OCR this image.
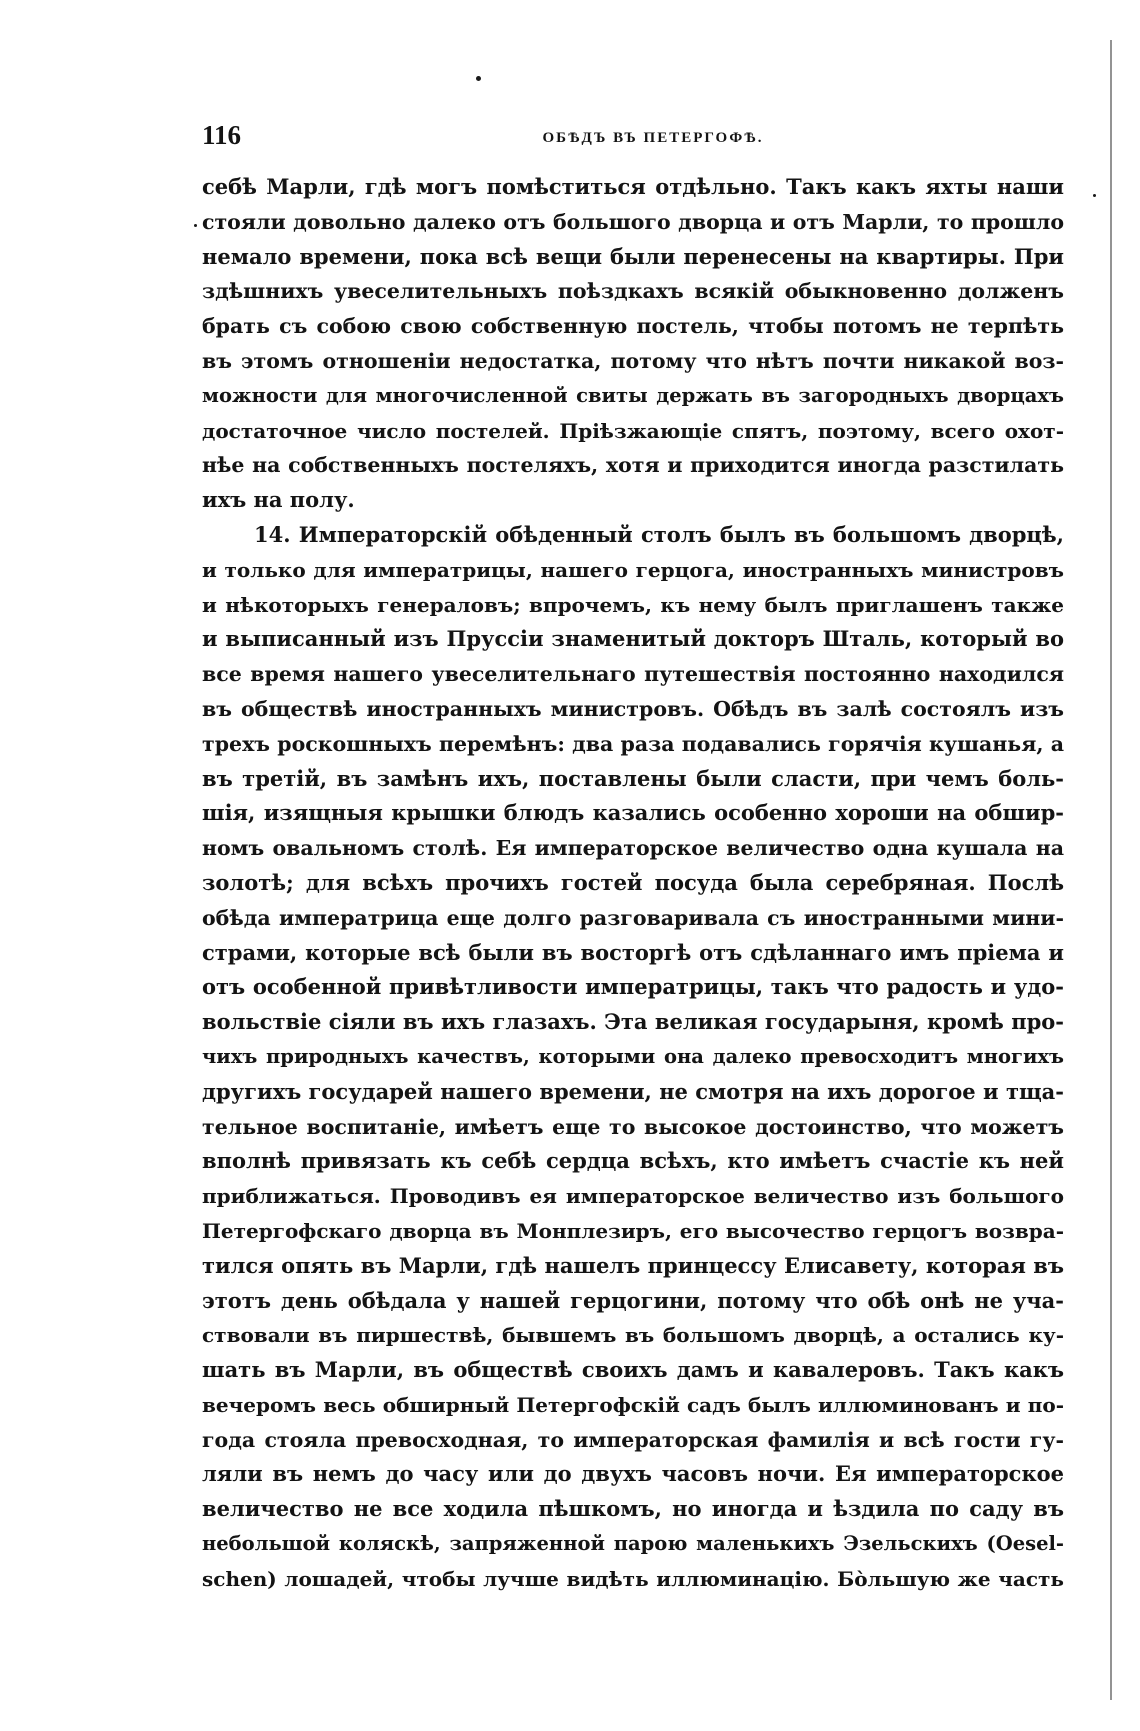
116	ОБѢДЪ ВЪ ПЕТЕРГОФѢ.
себѣ Марли, гдѣ могъ помѣститься отдѣльно. Такъ какъ яхты наши
стояли довольно далеко отъ большого дворца и отъ Марли, то прошло
немало времени, пока всѣ вещи были перенесены на квартиры. При
здѣшнихъ увеселительныхъ поѣздкахъ всякій обыкновенно долженъ
брать съ собою свою собственную постель, чтобы потомъ не терпѣть
въ этомъ отношеніи недостатка, потому что нѣтъ почти никакой воз-
можности для многочисленной свиты держать въ загородныхъ дворцахъ
достаточное число постелей. Пріѣзжающіе спятъ, поэтому, всего охот-
нѣе на собственныхъ постеляхъ, хотя и приходится иногда разстилать
ихъ на полу.
14. Императорскій обѣденный столъ былъ въ большомъ дворцѣ,
и только для императрицы, нашего герцога, иностранныхъ министровъ
и нѣкоторыхъ генераловъ; впрочемъ, къ нему былъ приглашенъ также
и выписанный изъ Пруссіи знаменитый докторъ Шталь, который во
все время нашего увеселительнаго путешествія постоянно находился
въ обществѣ иностранныхъ министровъ. Обѣдъ въ залѣ состоялъ изъ
трехъ роскошныхъ перемѣнъ: два раза подавались горячія кушанья, а
въ третій, въ замѣнъ ихъ, поставлены были сласти, при чемъ боль-
шія, изящныя крышки блюдъ казались особенно хороши на обшир-
номъ овальномъ столѣ. Ея императорское величество одна кушала на
золотѣ; для всѣхъ прочихъ гостей посуда была серебряная. Послѣ
обѣда императрица еще долго разговаривала съ иностранными мини-
страми, которые всѣ были въ восторгѣ отъ сдѣланнаго имъ пріема и
отъ особенной привѣтливости императрицы, такъ что радость и удо-
вольствіе сіяли въ ихъ глазахъ. Эта великая государыня, кромѣ про-
чихъ природныхъ качествъ, которыми она далеко превосходитъ многихъ
другихъ государей нашего времени, не смотря на ихъ дорогое и тща-
тельное воспитаніе, имѣетъ еще то высокое достоинство, что можетъ
вполнѣ привязать къ себѣ сердца всѣхъ, кто имѣетъ счастіе къ ней
приближаться. Проводивъ ея императорское величество изъ большого
Петергофскаго дворца въ Монплезиръ, его высочество герцогъ возвра-
тился опять въ Марли, гдѣ нашелъ принцессу Елисавету, которая въ
этотъ день обѣдала у нашей герцогини, потому что обѣ онѣ не уча-
ствовали въ пиршествѣ, бывшемъ въ большомъ дворцѣ, а остались ку-
шать въ Марли, въ обществѣ своихъ дамъ и кавалеровъ. Такъ какъ
вечеромъ весь обширный Петергофскій садъ былъ иллюминованъ и по-
года стояла превосходная, то императорская фамилія и всѣ гости гу-
ляли въ немъ до часу или до двухъ часовъ ночи. Ея императорское
величество не все ходила пѣшкомъ, но иногда и ѣздила по саду въ
небольшой коляскѣ, запряженной парою маленькихъ Эзельскихъ (Oesel-
schen) лошадей, чтобы лучше видѣть иллюминацію. Бо̀льшую же часть
